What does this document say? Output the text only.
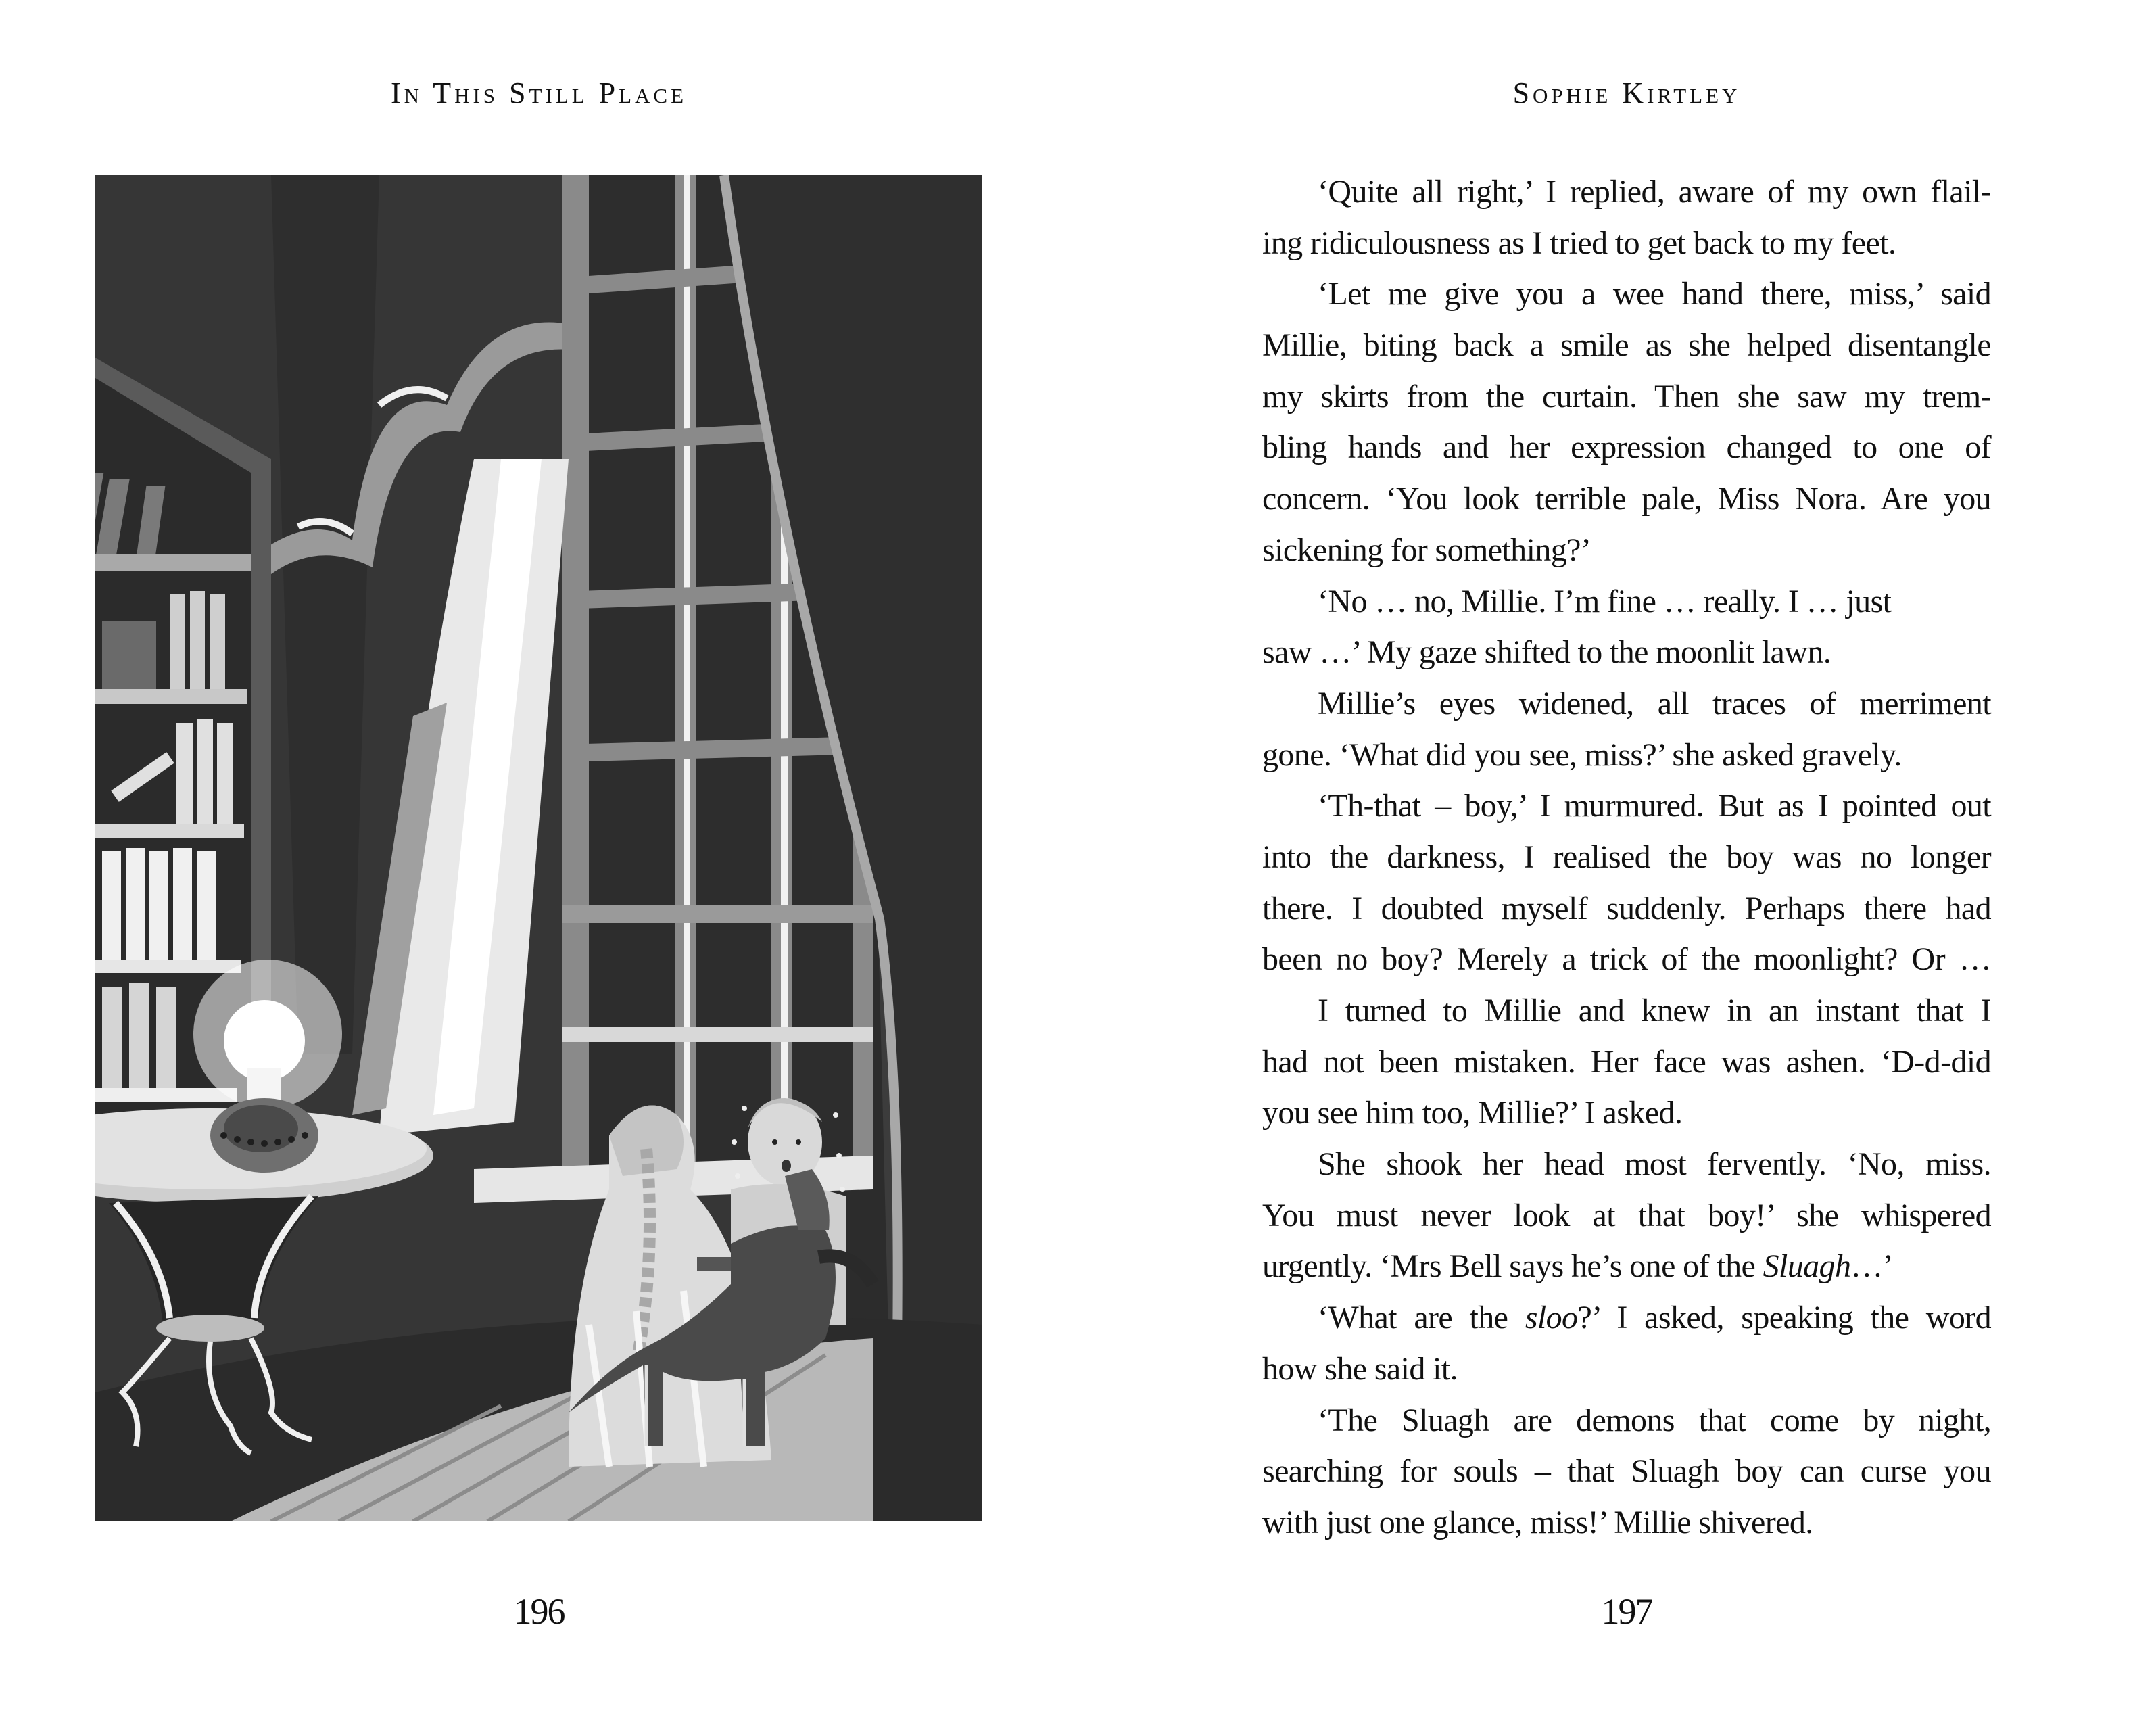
In This Still Place
196
Sophie Kirtley
‘Quite all right,’ I replied, aware of my own flail-
ing ridiculousness as I tried to get back to my feet.
‘Let me give you a wee hand there, miss,’ said
Millie, biting back a smile as she helped disentangle
my skirts from the curtain. Then she saw my trem-
bling hands and her expression changed to one of
concern. ‘You look terrible pale, Miss Nora. Are you
sickening for something?’
‘No … no, Millie. I’m fine … really. I … just
saw …’ My gaze shifted to the moonlit lawn.
Millie’s eyes widened, all traces of merriment
gone. ‘What did you see, miss?’ she asked gravely.
‘Th-that – boy,’ I murmured. But as I pointed out
into the darkness, I realised the boy was no longer
there. I doubted myself suddenly. Perhaps there had
been no boy? Merely a trick of the moonlight? Or …
I turned to Millie and knew in an instant that I
had not been mistaken. Her face was ashen. ‘D-d-did
you see him too, Millie?’ I asked.
She shook her head most fervently. ‘No, miss.
You must never look at that boy!’ she whispered
urgently. ‘Mrs Bell says he’s one of the Sluagh…’
‘What are the sloo?’ I asked, speaking the word
how she said it.
‘The Sluagh are demons that come by night,
searching for souls – that Sluagh boy can curse you
with just one glance, miss!’ Millie shivered.
197
